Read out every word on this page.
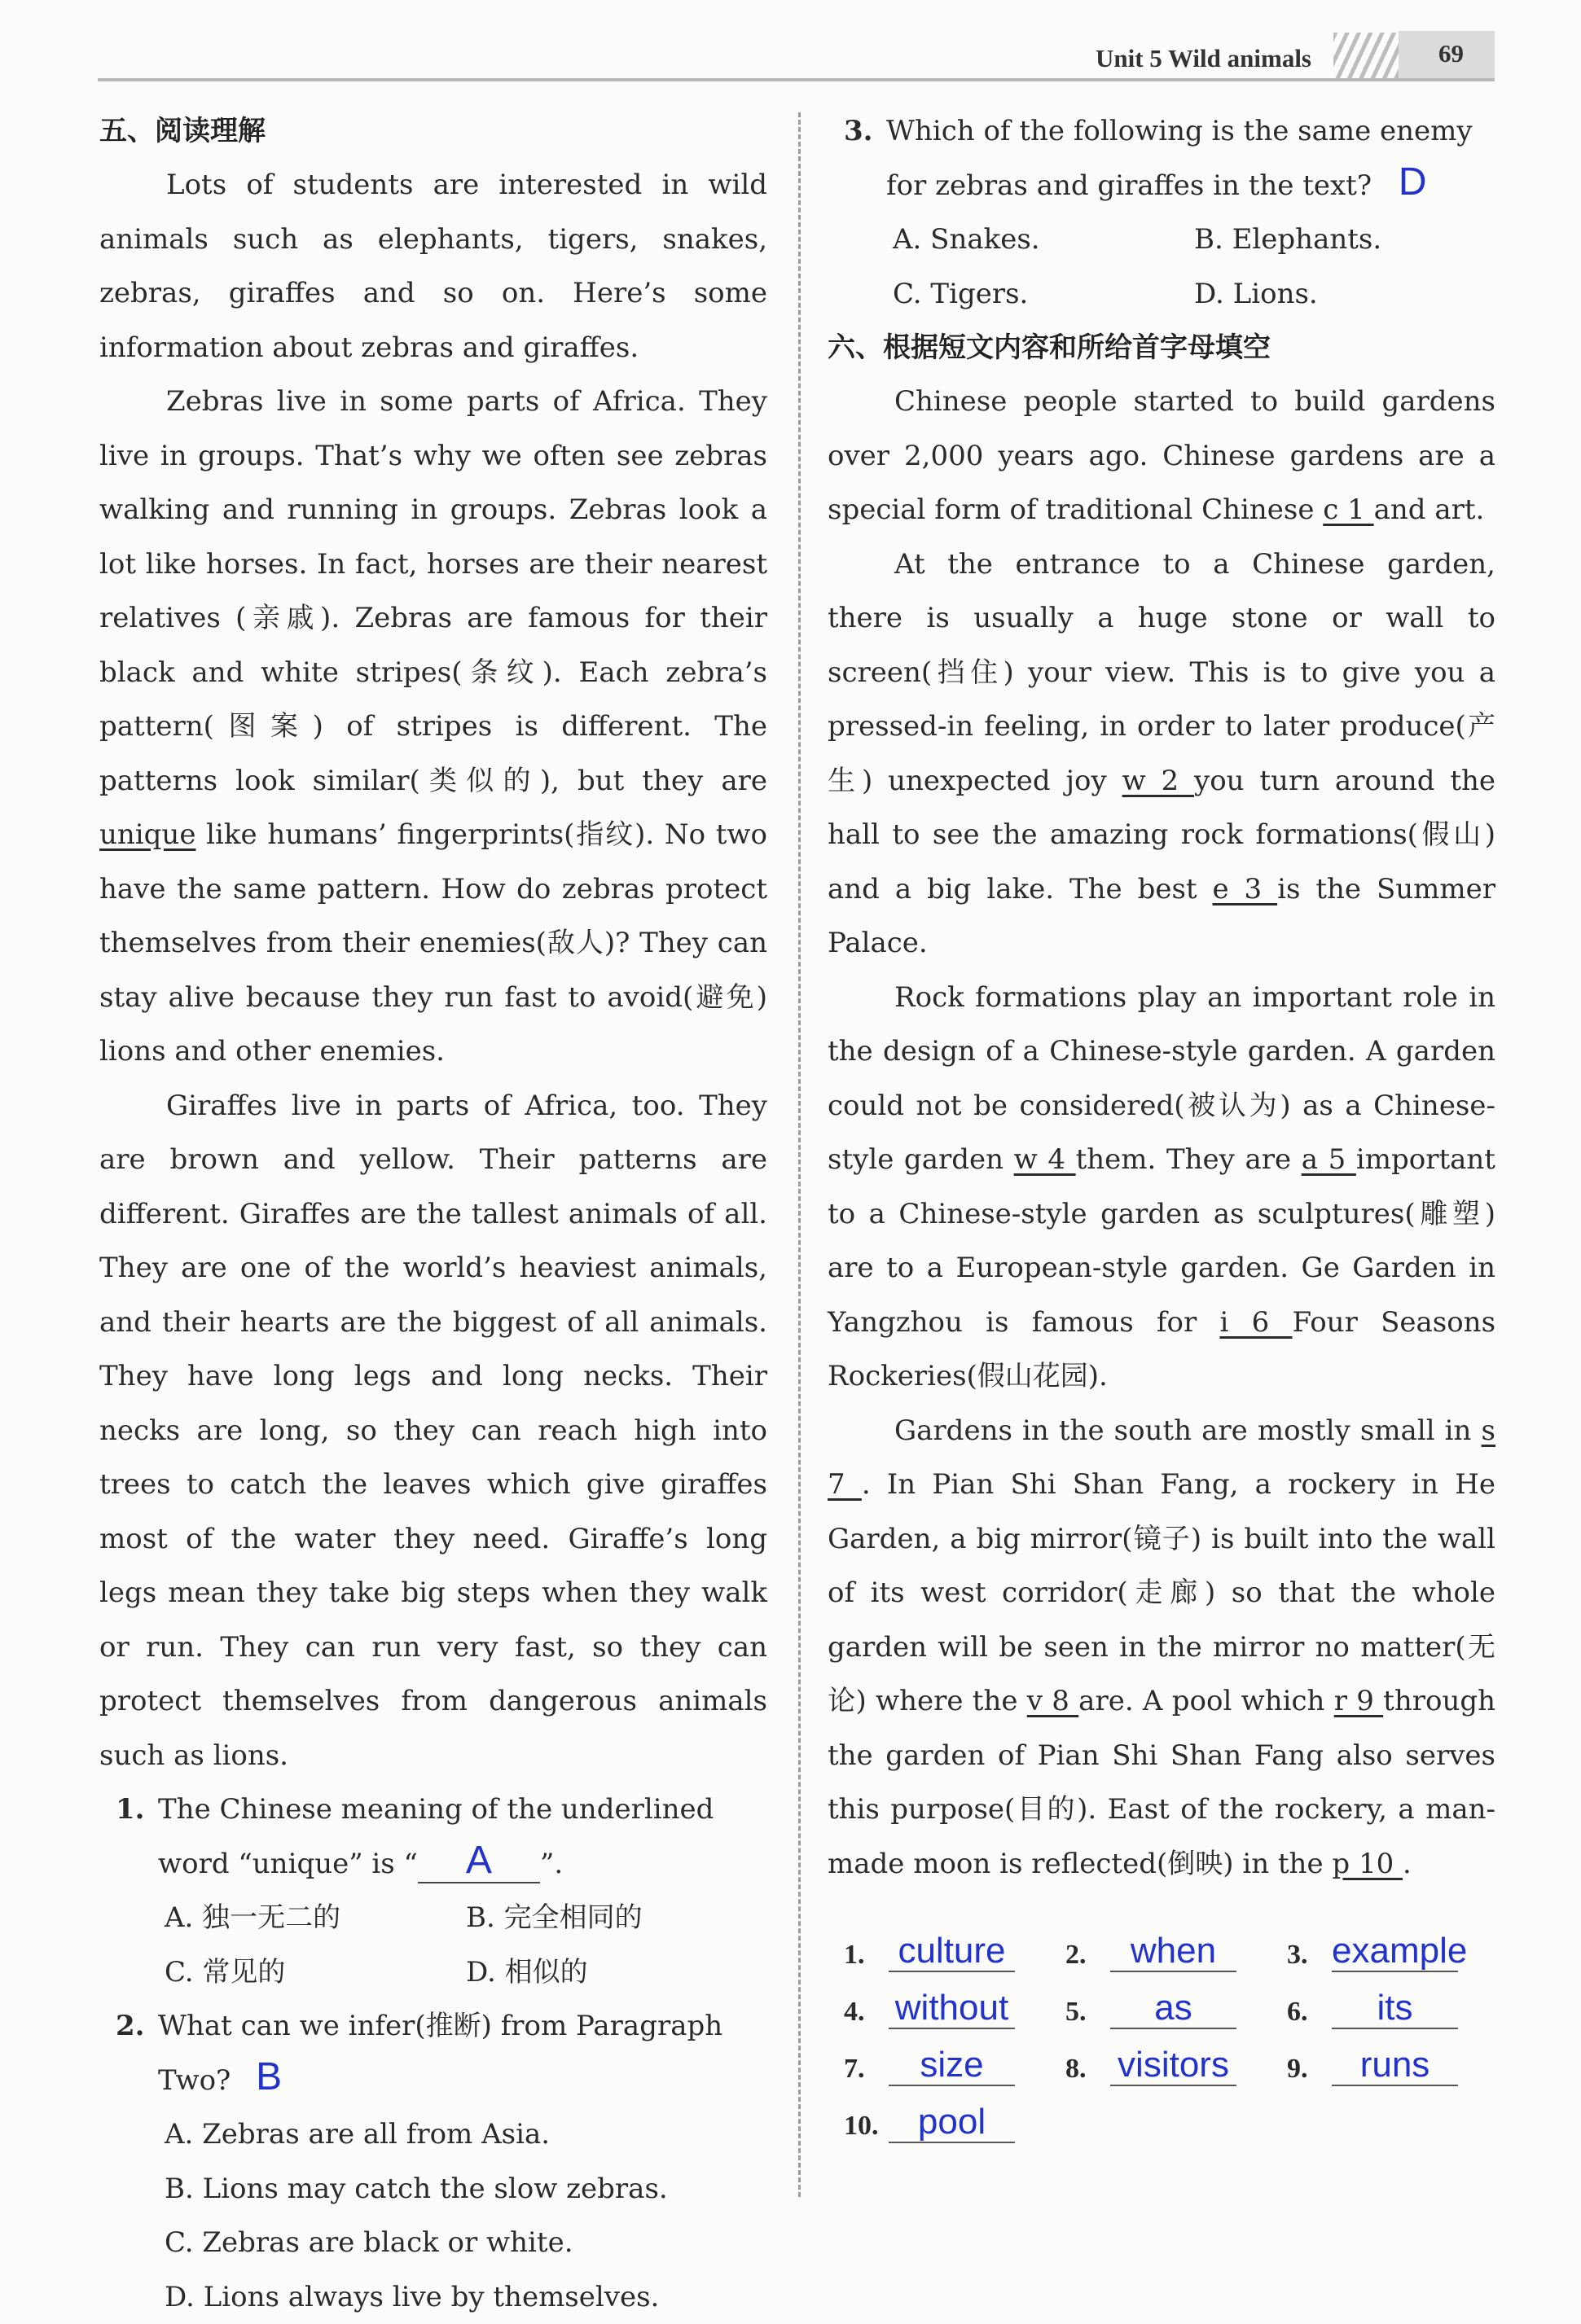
Unit 5 Wild animals	69
五、阅读理解

Lots of students are interested in wild animals such as elephants, tigers, snakes, zebras, giraffes and so on. Here’s some information about zebras and giraffes.

Zebras live in some parts of Africa. They live in groups. That’s why we often see zebras walking and running in groups. Zebras look a lot like horses. In fact, horses are their nearest relatives (亲戚). Zebras are famous for their black and white stripes(条纹). Each zebra’s pattern(图案) of stripes is different. The patterns look similar(类似的), but they are unique like humans’ fingerprints(指纹). No two have the same pattern. How do zebras protect themselves from their enemies(敌人)? They can stay alive because they run fast to avoid(避免) lions and other enemies.

Giraffes live in parts of Africa, too. They are brown and yellow. Their patterns are different. Giraffes are the tallest animals of all. They are one of the world’s heaviest animals, and their hearts are the biggest of all animals. They have long legs and long necks. Their necks are long, so they can reach high into trees to catch the leaves which give giraffes most of the water they need. Giraffe’s long legs mean they take big steps when they walk or run. They can run very fast, so they can protect themselves from dangerous animals such as lions.

1. The Chinese meaning of the underlined word “unique” is “ A ”.
A. 独一无二的	B. 完全相同的
C. 常见的	D. 相似的
2. What can we infer(推断) from Paragraph Two? B
A. Zebras are all from Asia.
B. Lions may catch the slow zebras.
C. Zebras are black or white.
D. Lions always live by themselves.
3. Which of the following is the same enemy for zebras and giraffes in the text? D
A. Snakes.	B. Elephants.
C. Tigers.	D. Lions.
六、根据短文内容和所给首字母填空

Chinese people started to build gardens over 2,000 years ago. Chinese gardens are a special form of traditional Chinese c 1 and art.

At the entrance to a Chinese garden, there is usually a huge stone or wall to screen(挡住) your view. This is to give you a pressed-in feeling, in order to later produce(产生) unexpected joy w 2 you turn around the hall to see the amazing rock formations(假山) and a big lake. The best e 3 is the Summer Palace.

Rock formations play an important role in the design of a Chinese-style garden. A garden could not be considered(被认为) as a Chinese-style garden w 4 them. They are a 5 important to a Chinese-style garden as sculptures(雕塑) are to a European-style garden. Ge Garden in Yangzhou is famous for i 6 Four Seasons Rockeries(假山花园).

Gardens in the south are mostly small in s 7 . In Pian Shi Shan Fang, a rockery in He Garden, a big mirror(镜子) is built into the wall of its west corridor(走廊) so that the whole garden will be seen in the mirror no matter(无论) where the v 8 are. A pool which r 9 through the garden of Pian Shi Shan Fang also serves this purpose(目的). East of the rockery, a man-made moon is reflected(倒映) in the p 10 .

1. culture	2.	when	3. example
4. without 5.	as	6.	its
7.	size	8. visitors 9.	runs
10.	pool
